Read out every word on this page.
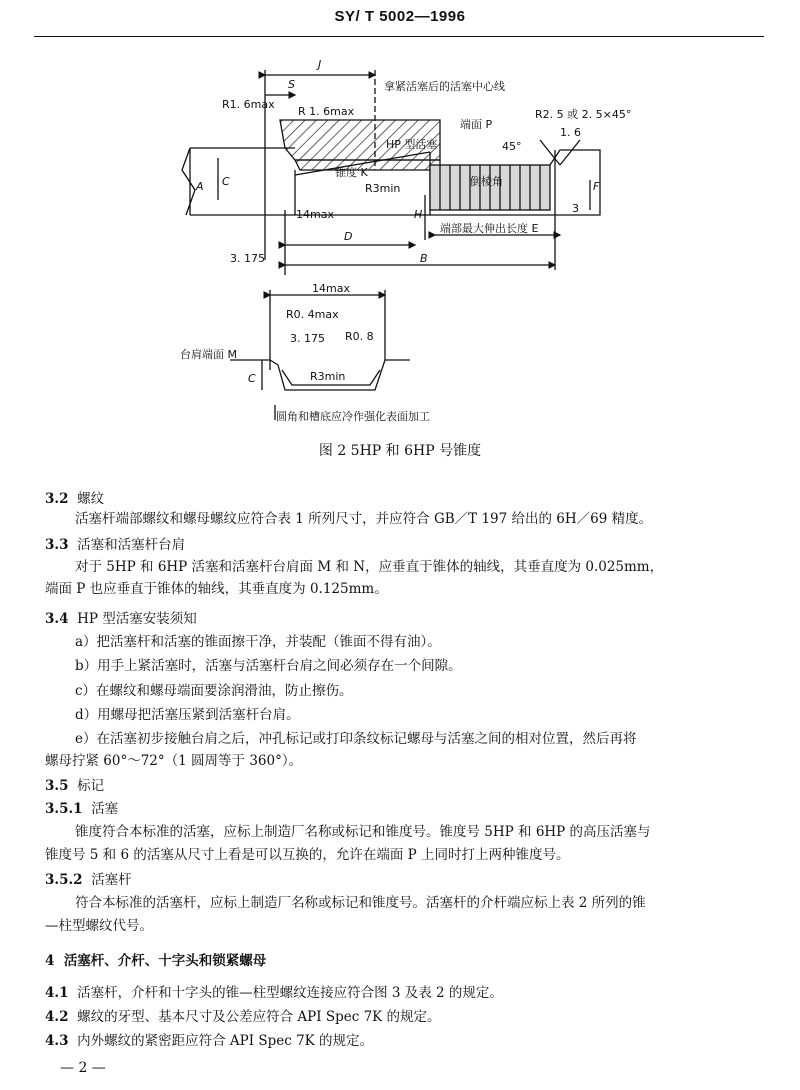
SY/ T 5002—1996
J
S
R1. 6max
R 1. 6max
拿紧活塞后的活塞中心线
HP 型活塞
端面 P
R2. 5 或 2. 5×45°
1. 6
45°
锥度 K
R3min
倒棱角
A C	F
14max	H	3
D
端部最大伸出长度 E
3. 175	B
14max
R0. 4max
3. 175 R0. 8
台肩端面 M
C	R3min
圆角和槽底应冷作强化表面加工
图 2 5HP 和 6HP 号锥度
3.2 螺纹
活塞杆端部螺纹和螺母螺纹应符合表 1 所列尺寸，并应符合 GB／T 197 给出的 6H／69 精度。
3.3 活塞和活塞杆台肩
对于 5HP 和 6HP 活塞和活塞杆台肩面 M 和 N，应垂直于锥体的轴线，其垂直度为 0.025mm，
端面 P 也应垂直于锥体的轴线，其垂直度为 0.125mm。
3.4 HP 型活塞安装须知
a）把活塞杆和活塞的锥面擦干净，并装配（锥面不得有油）。
b）用手上紧活塞时，活塞与活塞杆台肩之间必须存在一个间隙。
c）在螺纹和螺母端面要涂润滑油，防止擦伤。
d）用螺母把活塞压紧到活塞杆台肩。
e）在活塞初步接触台肩之后，冲孔标记或打印条纹标记螺母与活塞之间的相对位置，然后再将
螺母拧紧 60°～72°（1 圆周等于 360°）。
3.5 标记
3.5.1 活塞
锥度符合本标准的活塞，应标上制造厂名称或标记和锥度号。锥度号 5HP 和 6HP 的高压活塞与
锥度号 5 和 6 的活塞从尺寸上看是可以互换的，允许在端面 P 上同时打上两种锥度号。
3.5.2 活塞杆
符合本标准的活塞杆，应标上制造厂名称或标记和锥度号。活塞杆的介杆端应标上表 2 所列的锥
—柱型螺纹代号。
4 活塞杆、介杆、十字头和锁紧螺母
4.1 活塞杆，介杆和十字头的锥—柱型螺纹连接应符合图 3 及表 2 的规定。
4.2 螺纹的牙型、基本尺寸及公差应符合 API Spec 7K 的规定。
4.3 内外螺纹的紧密距应符合 API Spec 7K 的规定。
— 2 —
